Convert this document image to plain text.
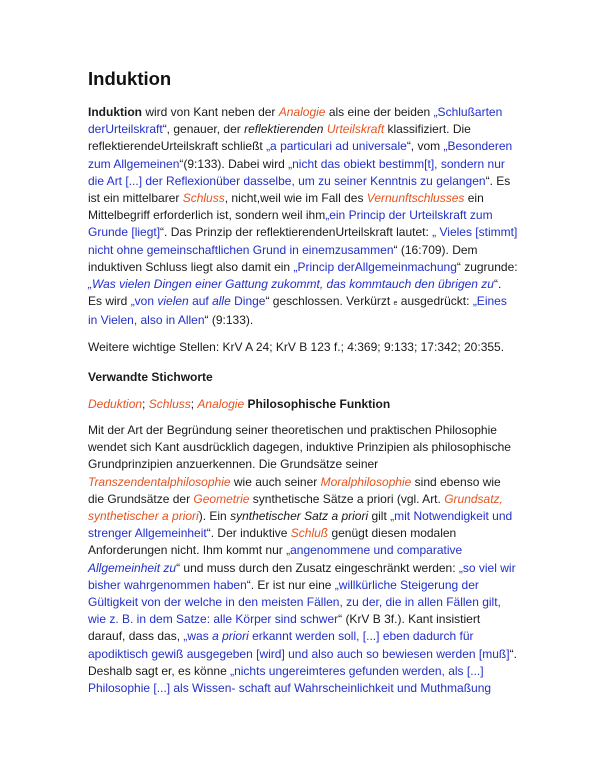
Induktion

Induktion wird von Kant neben der Analogie als eine der beiden „Schlußarten derUrteilskraft“, genauer, der reflektierenden Urteilskraft klassifiziert. Die reflektierendeUrteilskraft schließt „a particulari ad universale“, vom „Besonderen zum Allgemeinen“(9:133). Dabei wird „nicht das obiekt bestimm[t], sondern nur die Art [...] der Reflexionüber dasselbe, um zu seiner Kenntnis zu gelangen“. Es ist ein mittelbarer Schluss, nicht,weil wie im Fall des Vernunftschlusses ein Mittelbegriff erforderlich ist, sondern weil ihm„ein Princip der Urteilskraft zum Grunde [liegt]“. Das Prinzip der reflektierendenUrteilskraft lautet: „ Vieles [stimmt] nicht ohne gemeinschaftlichen Grund in einemzusammen“ (16:709). Dem induktiven Schluss liegt also damit ein „Princip derAllgemeinmachung“ zugrunde: „Was vielen Dingen einer Gattung zukommt, das kommtauch den übrigen zu“. Es wird „von vielen auf alle Dinge“ geschlossen. Verkürzt e ausgedrückt: „Eines in Vielen, also in Allen“ (9:133).

Weitere wichtige Stellen: KrV A 24; KrV B 123 f.; 4:369; 9:133; 17:342; 20:355.

Verwandte Stichworte

Deduktion; Schluss; Analogie Philosophische Funktion

Mit der Art der Begründung seiner theoretischen und praktischen Philosophie wendet sich Kant ausdrücklich dagegen, induktive Prinzipien als philosophische Grundprinzipien anzuerkennen. Die Grundsätze seiner Transzendentalphilosophie wie auch seiner Moralphilosophie sind ebenso wie die Grundsätze der Geometrie synthetische Sätze a priori (vgl. Art. Grundsatz, synthetischer a priori). Ein synthetischer Satz a priori gilt „mit Notwendigkeit und strenger Allgemeinheit“. Der induktive Schluß genügt diesen modalen Anforderungen nicht. Ihm kommt nur „angenommene und comparative Allgemeinheit zu“ und muss durch den Zusatz eingeschränkt werden: „so viel wir bisher wahrgenommen haben“. Er ist nur eine „willkürliche Steigerung der Gültigkeit von der welche in den meisten Fällen, zu der, die in allen Fällen gilt, wie z. B. in dem Satze: alle Körper sind schwer“ (KrV B 3f.). Kant insistiert darauf, dass das, „was a priori erkannt werden soll, [...] eben dadurch für apodiktisch gewiß ausgegeben [wird] und also auch so bewiesen werden [muß]“. Deshalb sagt er, es könne „nichts ungereimteres gefunden werden, als [...] Philosophie [...] als Wissen- schaft auf Wahrscheinlichkeit und Muthmaßung
